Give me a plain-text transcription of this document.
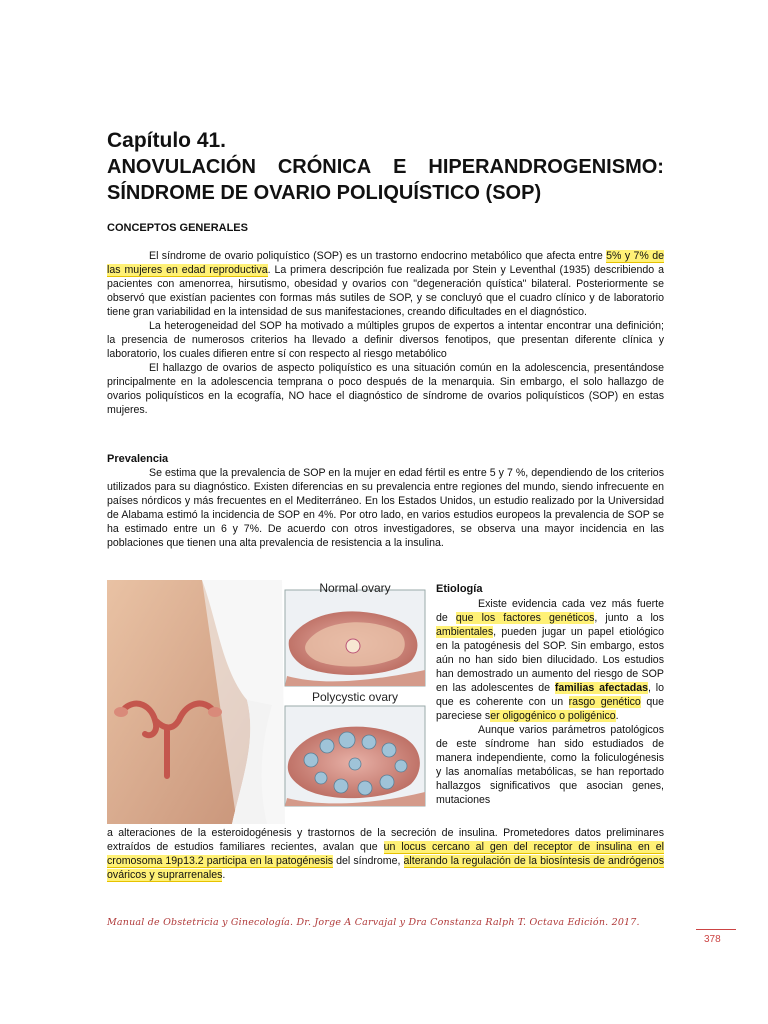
Capítulo 41.
ANOVULACIÓN CRÓNICA E HIPERANDROGENISMO:
SÍNDROME DE OVARIO POLIQUÍSTICO (SOP)
CONCEPTOS GENERALES

El síndrome de ovario poliquístico (SOP) es un trastorno endocrino metabólico que afecta entre 5% y 7% de las mujeres en edad reproductiva. La primera descripción fue realizada por Stein y Leventhal (1935) describiendo a pacientes con amenorrea, hirsutismo, obesidad y ovarios con "degeneración quística" bilateral. Posteriormente se observó que existían pacientes con formas más sutiles de SOP, y se concluyó que el cuadro clínico y de laboratorio tiene gran variabilidad en la intensidad de sus manifestaciones, creando dificultades en el diagnóstico.

La heterogeneidad del SOP ha motivado a múltiples grupos de expertos a intentar encontrar una definición; la presencia de numerosos criterios ha llevado a definir diversos fenotipos, que presentan diferente clínica y laboratorio, los cuales difieren entre sí con respecto al riesgo metabólico

El hallazgo de ovarios de aspecto poliquístico es una situación común en la adolescencia, presentándose principalmente en la adolescencia temprana o poco después de la menarquia. Sin embargo, el solo hallazgo de ovarios poliquísticos en la ecografía, NO hace el diagnóstico de síndrome de ovarios poliquísticos (SOP) en estas mujeres.

Prevalencia

Se estima que la prevalencia de SOP en la mujer en edad fértil es entre 5 y 7 %, dependiendo de los criterios utilizados para su diagnóstico. Existen diferencias en su prevalencia entre regiones del mundo, siendo infrecuente en países nórdicos y más frecuentes en el Mediterráneo. En los Estados Unidos, un estudio realizado por la Universidad de Alabama estimó la incidencia de SOP en 4%. Por otro lado, en varios estudios europeos la prevalencia de SOP se ha estimado entre un 6 y 7%. De acuerdo con otros investigadores, se observa una mayor incidencia en las poblaciones que tienen una alta prevalencia de resistencia a la insulina.

Normal ovary
Polycystic ovary
Etiología

Existe evidencia cada vez más fuerte de que los factores genéticos, junto a los ambientales, pueden jugar un papel etiológico en la patogénesis del SOP. Sin embargo, estos aún no han sido bien dilucidado. Los estudios han demostrado un aumento del riesgo de SOP en las adolescentes de familias afectadas, lo que es coherente con un rasgo genético que pareciese ser oligogénico o poligénico.

Aunque varios parámetros patológicos de este síndrome han sido estudiados de manera independiente, como la foliculogénesis y las anomalías metabólicas, se han reportado hallazgos significativos que asocian genes, mutaciones

a alteraciones de la esteroidogénesis y trastornos de la secreción de insulina. Prometedores datos preliminares extraídos de estudios familiares recientes, avalan que un locus cercano al gen del receptor de insulina en el cromosoma 19p13.2 participa en la patogénesis del síndrome, alterando la regulación de la biosíntesis de andrógenos ováricos y suprarrenales.
Manual de Obstetricia y Ginecología. Dr. Jorge A Carvajal y Dra Constanza Ralph T. Octava Edición. 2017.
378
